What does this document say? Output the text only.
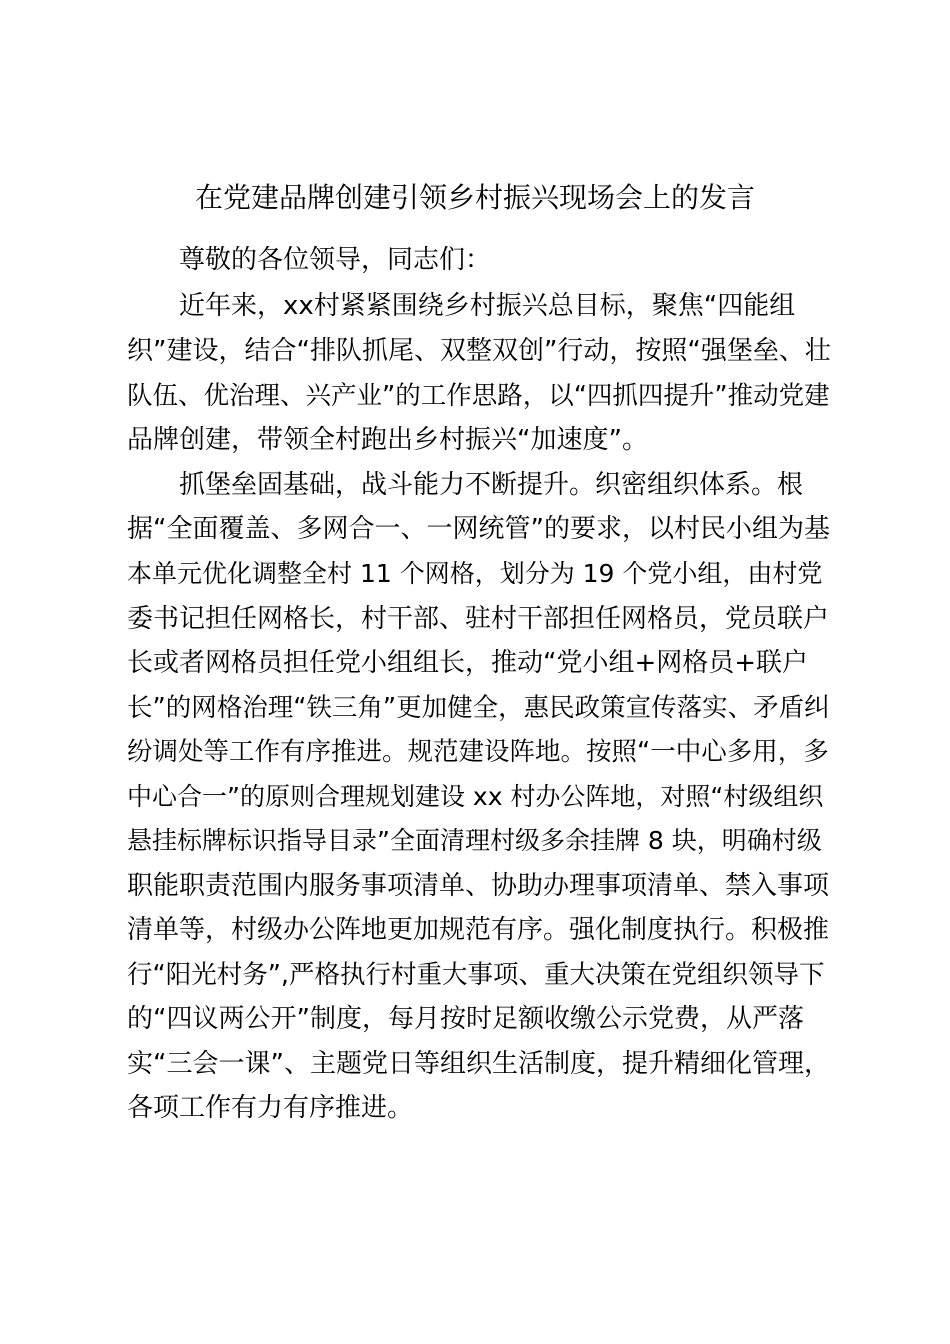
在党建品牌创建引领乡村振兴现场会上的发言
尊敬的各位领导，同志们：
近年来，xx村紧紧围绕乡村振兴总目标，聚焦“四能组
织”建设，结合“排队抓尾、双整双创”行动，按照“强堡垒、壮
队伍、优治理、兴产业”的工作思路，以“四抓四提升”推动党建
品牌创建，带领全村跑出乡村振兴“加速度”。
抓堡垒固基础，战斗能力不断提升。织密组织体系。根
据“全面覆盖、多网合一、一网统管”的要求，以村民小组为基
本单元优化调整全村 11 个网格，划分为 19 个党小组，由村党
委书记担任网格长，村干部、驻村干部担任网格员，党员联户
长或者网格员担任党小组组长，推动“党小组+网格员+联户
长”的网格治理“铁三角”更加健全，惠民政策宣传落实、矛盾纠
纷调处等工作有序推进。规范建设阵地。按照“一中心多用，多
中心合一”的原则合理规划建设 xx 村办公阵地，对照“村级组织
悬挂标牌标识指导目录”全面清理村级多余挂牌 8 块，明确村级
职能职责范围内服务事项清单、协助办理事项清单、禁入事项
清单等，村级办公阵地更加规范有序。强化制度执行。积极推
行“阳光村务”,严格执行村重大事项、重大决策在党组织领导下
的“四议两公开”制度，每月按时足额收缴公示党费，从严落
实“三会一课”、主题党日等组织生活制度，提升精细化管理，
各项工作有力有序推进。
